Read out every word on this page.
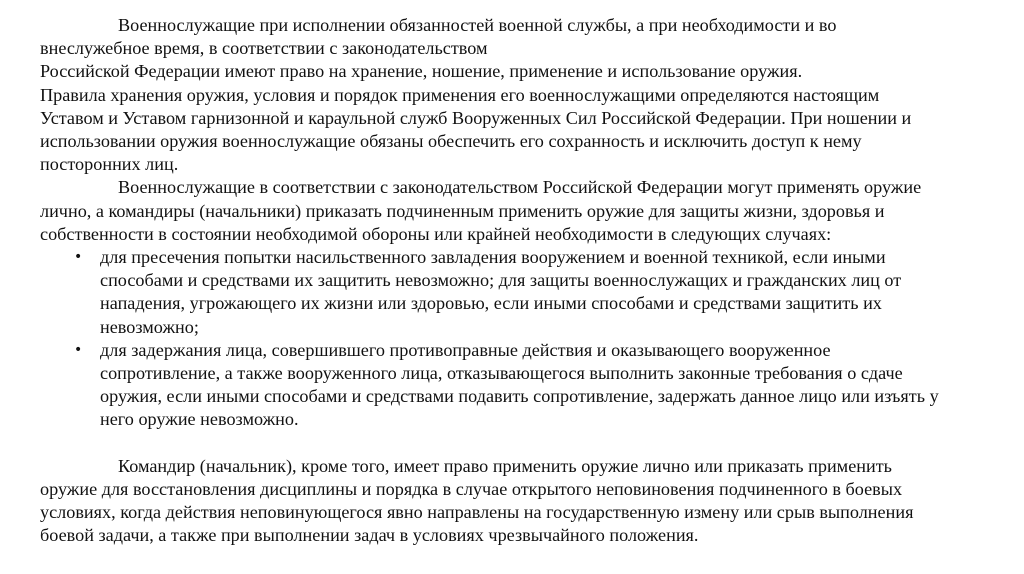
Военнослужащие при исполнении обязанностей военной службы, а при необходимости и во
внеслужебное время, в соответствии с законодательством
Российской Федерации имеют право на хранение, ношение, применение и использование оружия.
Правила хранения оружия, условия и порядок применения его военнослужащими определяются настоящим
Уставом и Уставом гарнизонной и караульной служб Вооруженных Сил Российской Федерации. При ношении и
использовании оружия военнослужащие обязаны обеспечить его сохранность и исключить доступ к нему
посторонних лиц.
Военнослужащие в соответствии с законодательством Российской Федерации могут применять оружие
лично, а командиры (начальники) приказать подчиненным применить оружие для защиты жизни, здоровья и
собственности в состоянии необходимой обороны или крайней необходимости в следующих случаях:
• для пресечения попытки насильственного завладения вооружением и военной техникой, если иными
способами и средствами их защитить невозможно; для защиты военнослужащих и гражданских лиц от
нападения, угрожающего их жизни или здоровью, если иными способами и средствами защитить их
невозможно;
• для задержания лица, совершившего противоправные действия и оказывающего вооруженное
сопротивление, а также вооруженного лица, отказывающегося выполнить законные требования о сдаче
оружия, если иными способами и средствами подавить сопротивление, задержать данное лицо или изъять у
него оружие невозможно.
Командир (начальник), кроме того, имеет право применить оружие лично или приказать применить
оружие для восстановления дисциплины и порядка в случае открытого неповиновения подчиненного в боевых
условиях, когда действия неповинующегося явно направлены на государственную измену или срыв выполнения
боевой задачи, а также при выполнении задач в условиях чрезвычайного положения.
